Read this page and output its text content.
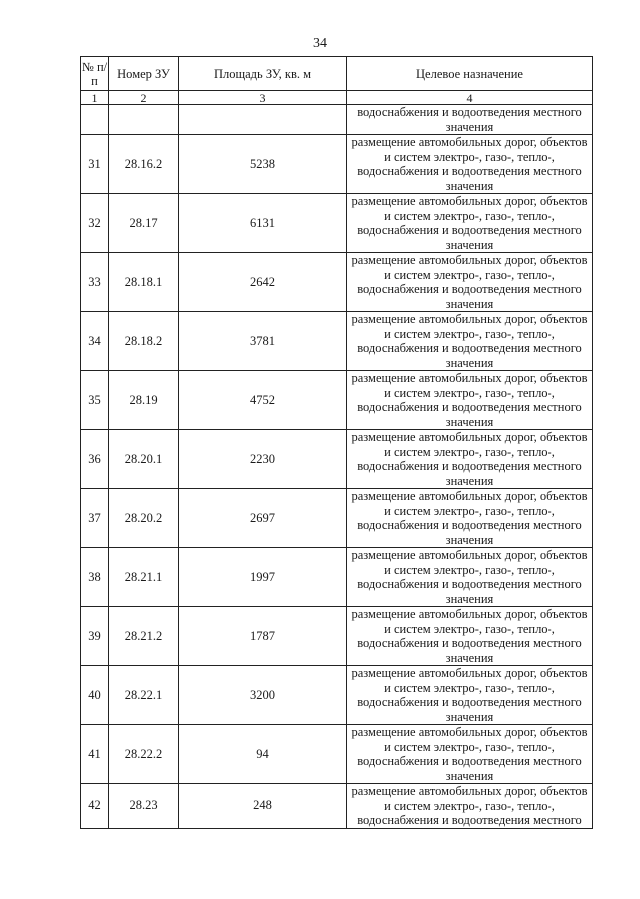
34
№ п/п	Номер ЗУ	Площадь ЗУ, кв. м	Целевое назначение
1	2	3	4
			водоснабжения и водоотведения местного значения
31	28.16.2	5238	размещение автомобильных дорог, объектов и систем электро-, газо-, тепло-, водоснабжения и водоотведения местного значения
32	28.17	6131	размещение автомобильных дорог, объектов и систем электро-, газо-, тепло-, водоснабжения и водоотведения местного значения
33	28.18.1	2642	размещение автомобильных дорог, объектов и систем электро-, газо-, тепло-, водоснабжения и водоотведения местного значения
34	28.18.2	3781	размещение автомобильных дорог, объектов и систем электро-, газо-, тепло-, водоснабжения и водоотведения местного значения
35	28.19	4752	размещение автомобильных дорог, объектов и систем электро-, газо-, тепло-, водоснабжения и водоотведения местного значения
36	28.20.1	2230	размещение автомобильных дорог, объектов и систем электро-, газо-, тепло-, водоснабжения и водоотведения местного значения
37	28.20.2	2697	размещение автомобильных дорог, объектов и систем электро-, газо-, тепло-, водоснабжения и водоотведения местного значения
38	28.21.1	1997	размещение автомобильных дорог, объектов и систем электро-, газо-, тепло-, водоснабжения и водоотведения местного значения
39	28.21.2	1787	размещение автомобильных дорог, объектов и систем электро-, газо-, тепло-, водоснабжения и водоотведения местного значения
40	28.22.1	3200	размещение автомобильных дорог, объектов и систем электро-, газо-, тепло-, водоснабжения и водоотведения местного значения
41	28.22.2	94	размещение автомобильных дорог, объектов и систем электро-, газо-, тепло-, водоснабжения и водоотведения местного значения
42	28.23	248	размещение автомобильных дорог, объектов и систем электро-, газо-, тепло-, водоснабжения и водоотведения местного
